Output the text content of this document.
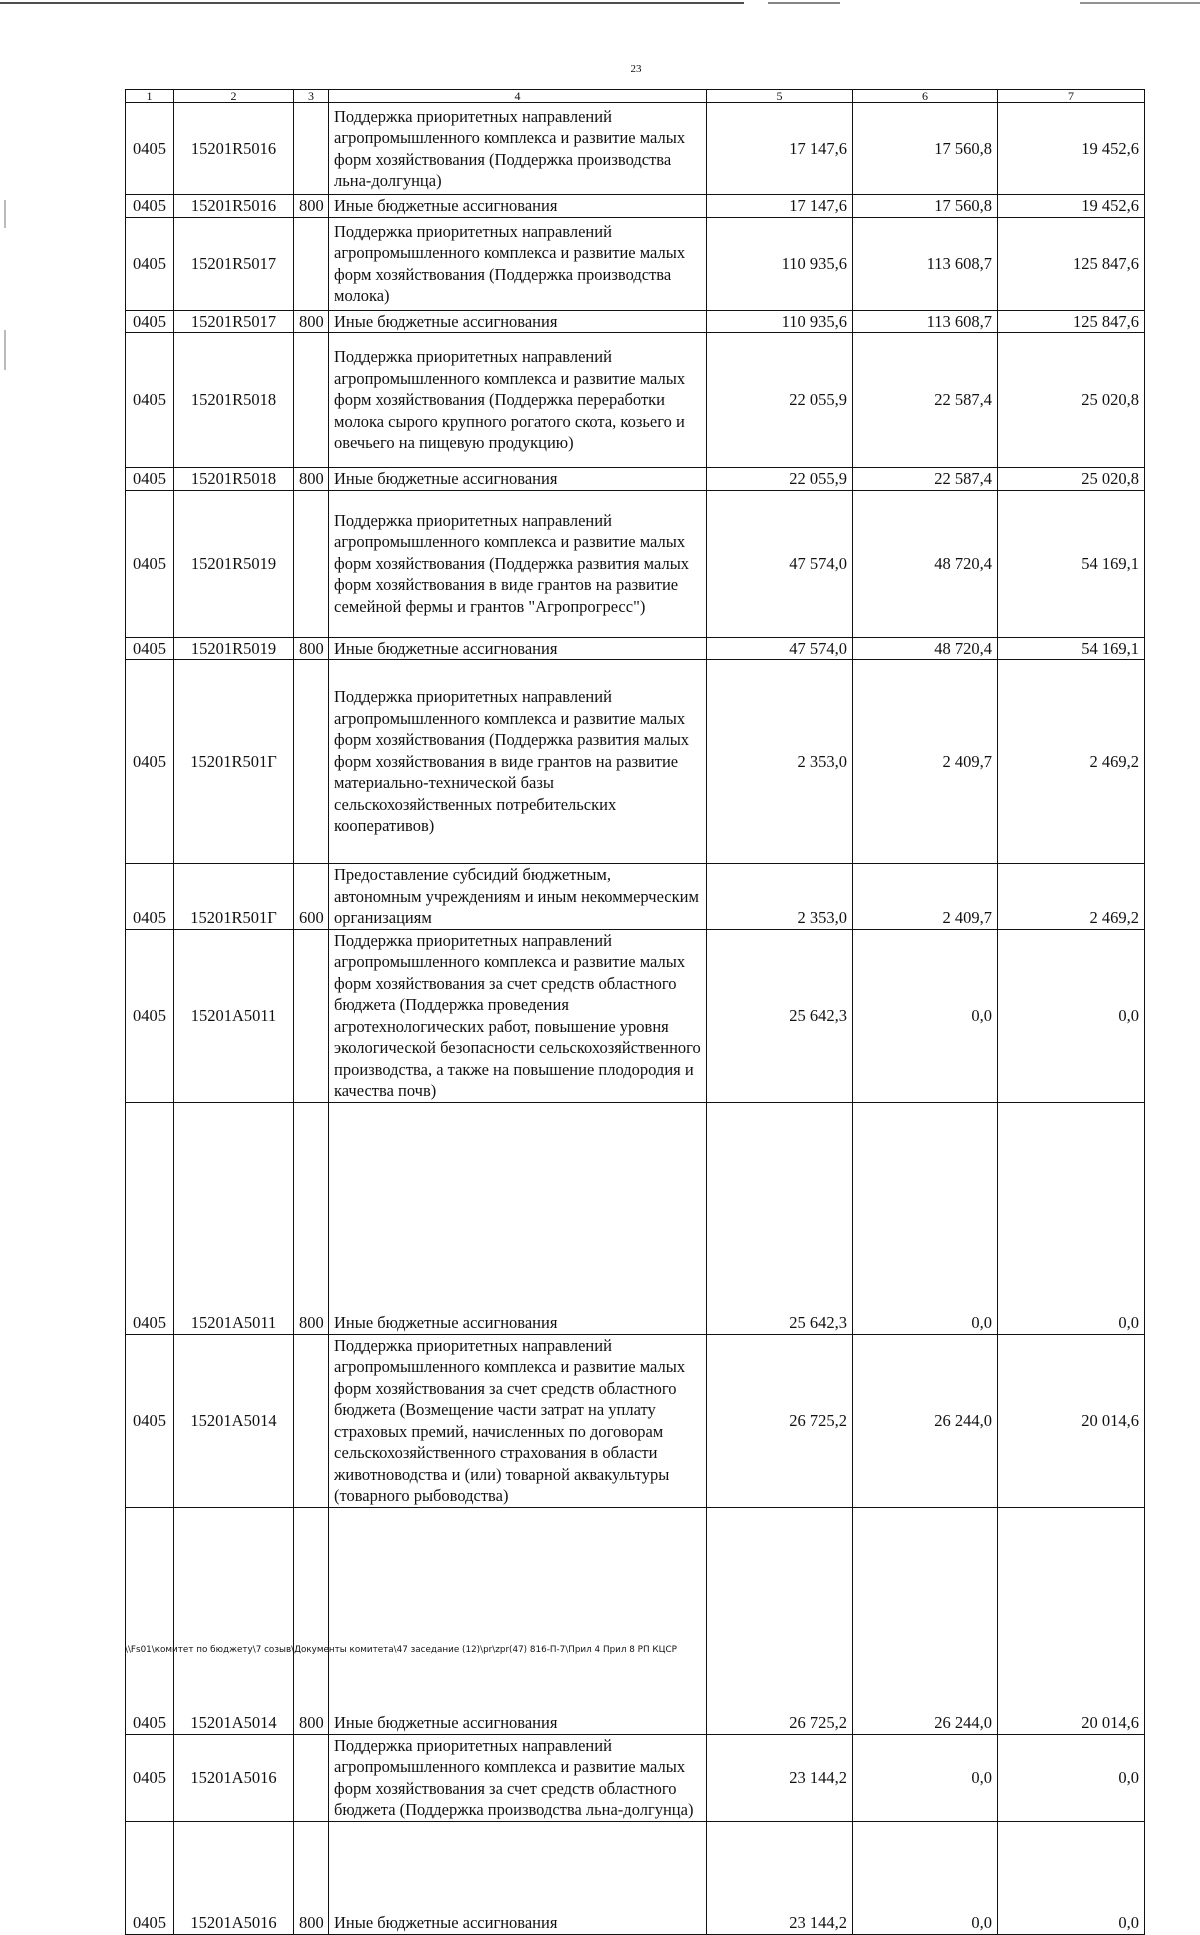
23
1	2	3	4	5	6	7
0405	15201R5016		Поддержка приоритетных направлений агропромышленного комплекса и развитие малых форм хозяйствования (Поддержка производства льна-долгунца)	17 147,6	17 560,8	19 452,6
0405	15201R5016	800	Иные бюджетные ассигнования	17 147,6	17 560,8	19 452,6
0405	15201R5017		Поддержка приоритетных направлений агропромышленного комплекса и развитие малых форм хозяйствования (Поддержка производства молока)	110 935,6	113 608,7	125 847,6
0405	15201R5017	800	Иные бюджетные ассигнования	110 935,6	113 608,7	125 847,6
0405	15201R5018		Поддержка приоритетных направлений агропромышленного комплекса и развитие малых форм хозяйствования (Поддержка переработки молока сырого крупного рогатого скота, козьего и овечьего на пищевую продукцию)	22 055,9	22 587,4	25 020,8
0405	15201R5018	800	Иные бюджетные ассигнования	22 055,9	22 587,4	25 020,8
0405	15201R5019		Поддержка приоритетных направлений агропромышленного комплекса и развитие малых форм хозяйствования (Поддержка развития малых форм хозяйствования в виде грантов на развитие семейной фермы и грантов "Агропрогресс")	47 574,0	48 720,4	54 169,1
0405	15201R5019	800	Иные бюджетные ассигнования	47 574,0	48 720,4	54 169,1
0405	15201R501Г		Поддержка приоритетных направлений агропромышленного комплекса и развитие малых форм хозяйствования (Поддержка развития малых форм хозяйствования в виде грантов на развитие материально-технической базы сельскохозяйственных потребительских кооперативов)	2 353,0	2 409,7	2 469,2
0405	15201R501Г	600	Предоставление субсидий бюджетным, автономным учреждениям и иным некоммерческим организациям	2 353,0	2 409,7	2 469,2
0405	15201A5011		Поддержка приоритетных направлений агропромышленного комплекса и развитие малых форм хозяйствования за счет средств областного бюджета (Поддержка проведения агротехнологических работ, повышение уровня экологической безопасности сельскохозяйственного производства, а также на повышение плодородия и качества почв)	25 642,3	0,0	0,0
0405	15201A5011	800	Иные бюджетные ассигнования	25 642,3	0,0	0,0
0405	15201A5014		Поддержка приоритетных направлений агропромышленного комплекса и развитие малых форм хозяйствования за счет средств областного бюджета (Возмещение части затрат на уплату страховых премий, начисленных по договорам сельскохозяйственного страхования в области животноводства и (или) товарной аквакультуры (товарного рыбоводства)	26 725,2	26 244,0	20 014,6
0405	15201A5014	800	Иные бюджетные ассигнования	26 725,2	26 244,0	20 014,6
0405	15201A5016		Поддержка приоритетных направлений агропромышленного комплекса и развитие малых форм хозяйствования за счет средств областного бюджета (Поддержка производства льна-долгунца)	23 144,2	0,0	0,0
0405	15201A5016	800	Иные бюджетные ассигнования	23 144,2	0,0	0,0
\\Fs01\комитет по бюджету\7 созыв\Документы комитета\47 заседание (12)\pr\zpr(47) 816-П-7\Прил 4 Прил 8 РП КЦСР
